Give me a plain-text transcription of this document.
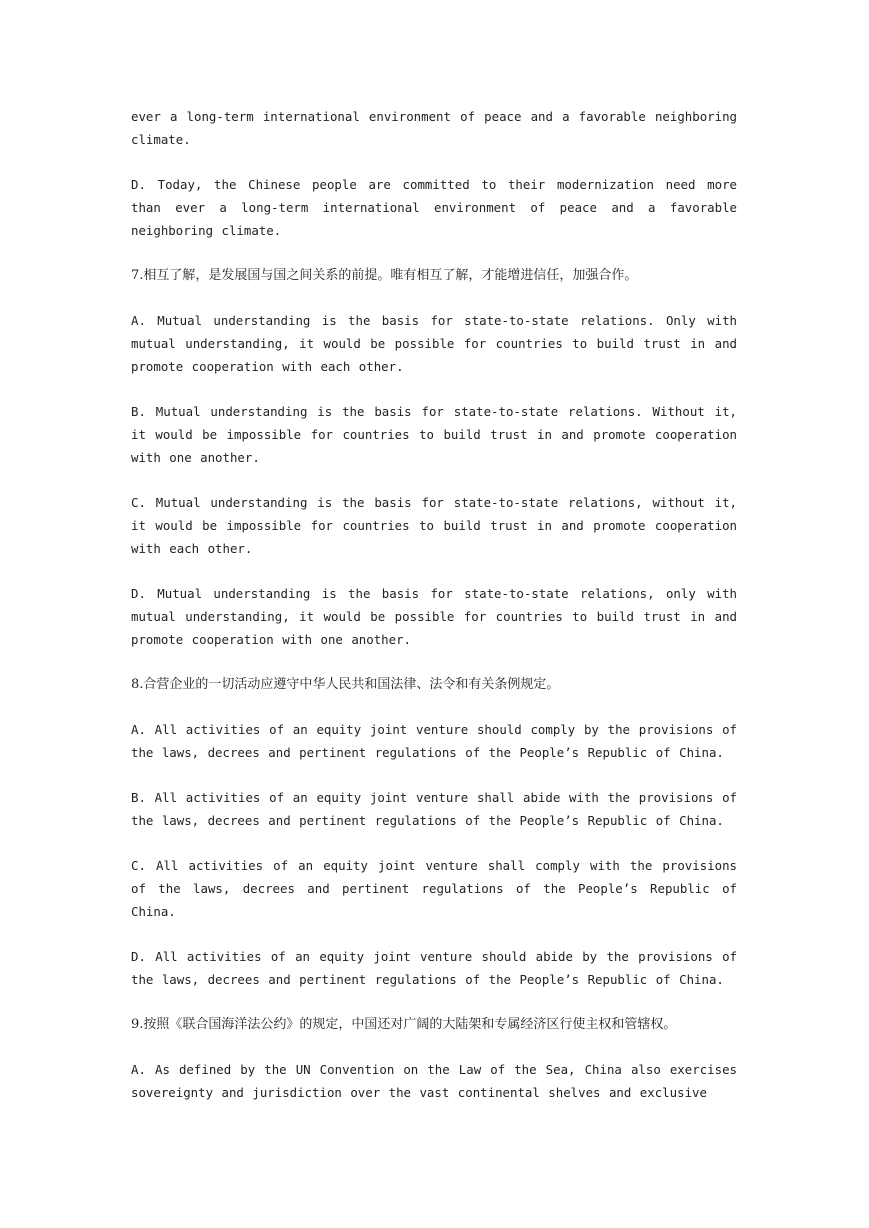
ever a long-term international environment of peace and a favorable neighboring climate.

D. Today, the Chinese people are committed to their modernization need more than ever a long-term international environment of peace and a favorable neighboring climate.

7.相互了解，是发展国与国之间关系的前提。唯有相互了解，才能增进信任，加强合作。

A. Mutual understanding is the basis for state-to-state relations. Only with mutual understanding, it would be possible for countries to build trust in and promote cooperation with each other.

B. Mutual understanding is the basis for state-to-state relations. Without it, it would be impossible for countries to build trust in and promote cooperation with one another.

C. Mutual understanding is the basis for state-to-state relations, without it, it would be impossible for countries to build trust in and promote cooperation with each other.

D. Mutual understanding is the basis for state-to-state relations, only with mutual understanding, it would be possible for countries to build trust in and promote cooperation with one another.

8.合营企业的一切活动应遵守中华人民共和国法律、法令和有关条例规定。

A. All activities of an equity joint venture should comply by the provisions of the laws, decrees and pertinent regulations of the People’s Republic of China.

B. All activities of an equity joint venture shall abide with the provisions of the laws, decrees and pertinent regulations of the People’s Republic of China.

C. All activities of an equity joint venture shall comply with the provisions of the laws, decrees and pertinent regulations of the People’s Republic of China.

D. All activities of an equity joint venture should abide by the provisions of the laws, decrees and pertinent regulations of the People’s Republic of China.

9.按照《联合国海洋法公约》的规定，中国还对广阔的大陆架和专属经济区行使主权和管辖权。

A. As defined by the UN Convention on the Law of the Sea, China also exercises sovereignty and jurisdiction over the vast continental shelves and exclusive
